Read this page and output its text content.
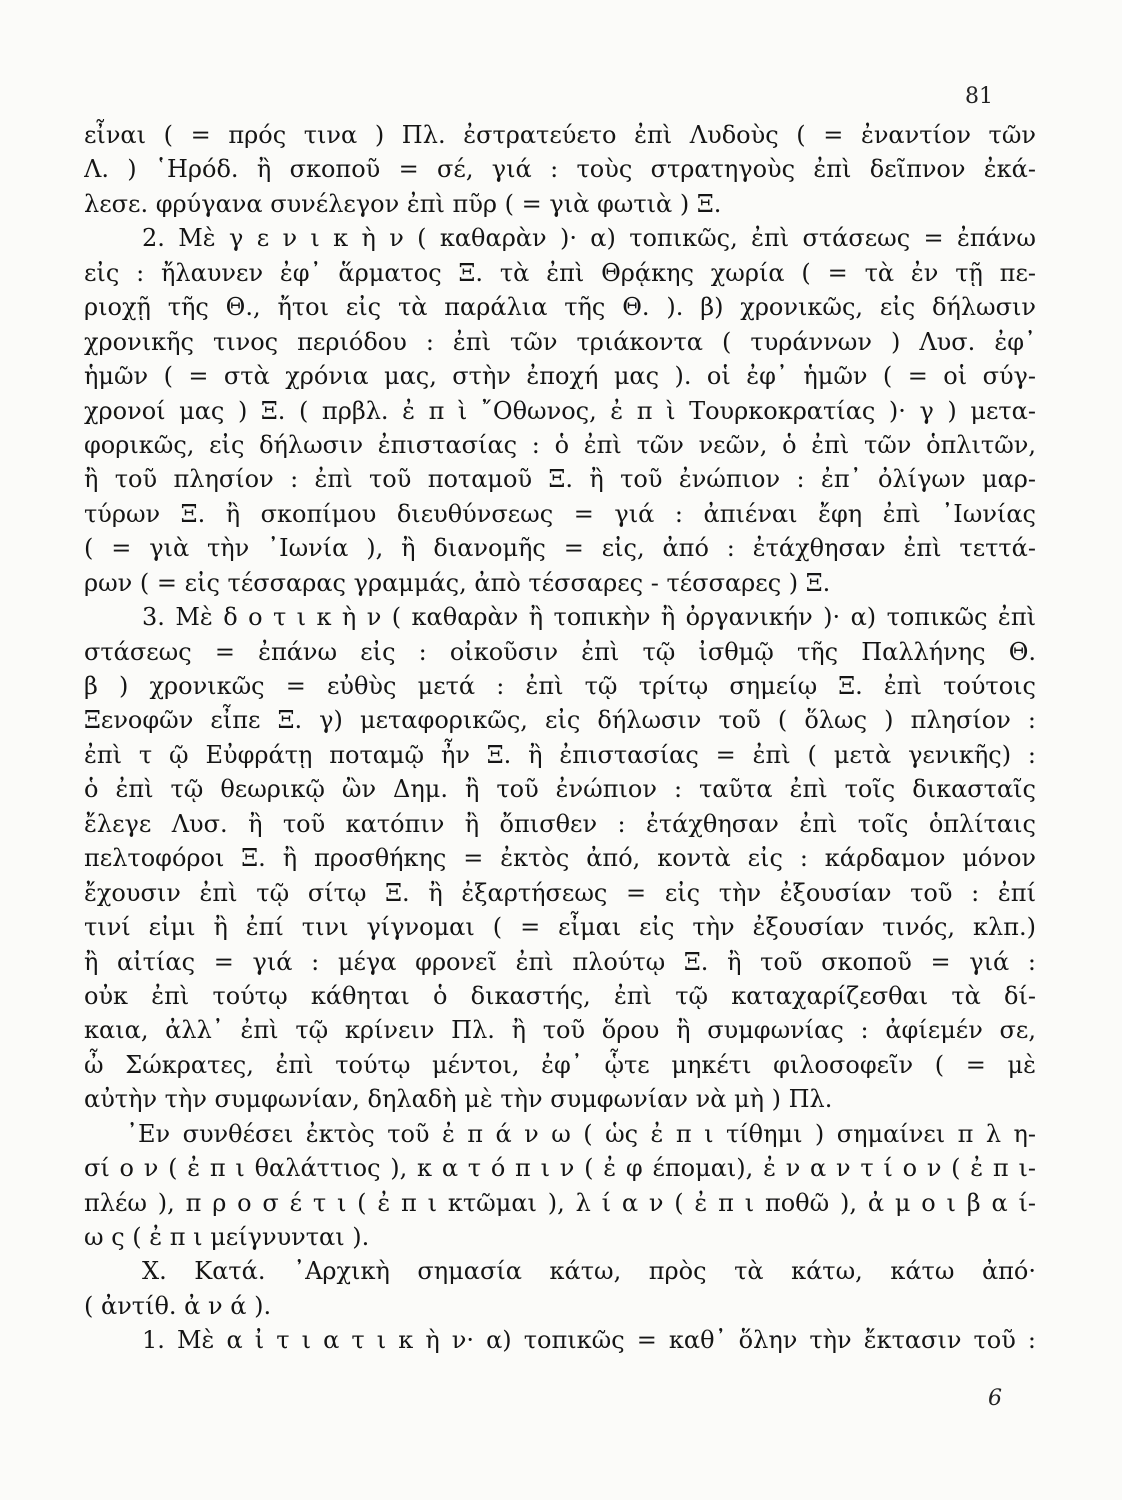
81
εἶναι ( = πρός τινα ) Πλ. ἐστρατεύετο ἐπὶ Λυδοὺς ( = ἐναντίον τῶν
Λ. ) ῾Ηρόδ. ἢ σκοποῦ = σέ, γιά : τοὺς στρατηγοὺς ἐπὶ δεῖπνον ἐκά-
λεσε. φρύγανα συνέλεγον ἐπὶ πῦρ ( = γιὰ φωτιὰ ) Ξ.
2. Μὲ γ ε ν ι κ ὴ ν ( καθαρὰν )· α) τοπικῶς, ἐπὶ στάσεως = ἐπάνω
εἰς : ἤλαυνεν ἐφ᾽ ἅρματος Ξ. τὰ ἐπὶ Θρᾴκης χωρία ( = τὰ ἐν τῇ πε-
ριοχῇ τῆς Θ., ἤτοι εἰς τὰ παράλια τῆς Θ. ). β) χρονικῶς, εἰς δήλωσιν
χρονικῆς τινος περιόδου : ἐπὶ τῶν τριάκοντα ( τυράννων ) Λυσ. ἐφ᾽
ἡμῶν ( = στὰ χρόνια μας, στὴν ἐποχή μας ). οἱ ἐφ᾽ ἡμῶν ( = οἱ σύγ-
χρονοί μας ) Ξ. ( πρβλ. ἐ π ὶ ῎Οθωνος, ἐ π ὶ Τουρκοκρατίας )· γ ) μετα-
φορικῶς, εἰς δήλωσιν ἐπιστασίας : ὁ ἐπὶ τῶν νεῶν, ὁ ἐπὶ τῶν ὁπλιτῶν,
ἢ τοῦ πλησίον : ἐπὶ τοῦ ποταμοῦ Ξ. ἢ τοῦ ἐνώπιον : ἐπ᾽ ὀλίγων μαρ-
τύρων Ξ. ἢ σκοπίμου διευθύνσεως = γιά : ἀπιέναι ἔφη ἐπὶ ᾽Ιωνίας
( = γιὰ τὴν ᾽Ιωνία ), ἢ διανομῆς = εἰς, ἀπό : ἐτάχθησαν ἐπὶ τεττά-
ρων ( = εἰς τέσσαρας γραμμάς, ἀπὸ τέσσαρες - τέσσαρες ) Ξ.
3. Μὲ δ ο τ ι κ ὴ ν ( καθαρὰν ἢ τοπικὴν ἢ ὀργανικήν )· α) τοπικῶς ἐπὶ
στάσεως = ἐπάνω εἰς : οἰκοῦσιν ἐπὶ τῷ ἰσθμῷ τῆς Παλλήνης Θ.
β ) χρονικῶς = εὐθὺς μετά : ἐπὶ τῷ τρίτῳ σημείῳ Ξ. ἐπὶ τούτοις
Ξενοφῶν εἶπε Ξ. γ) μεταφορικῶς, εἰς δήλωσιν τοῦ ( ὅλως ) πλησίον :
ἐπὶ τ ῷ Εὐφράτῃ ποταμῷ ἦν Ξ. ἢ ἐπιστασίας = ἐπὶ ( μετὰ γενικῆς) :
ὁ ἐπὶ τῷ θεωρικῷ ὢν Δημ. ἢ τοῦ ἐνώπιον : ταῦτα ἐπὶ τοῖς δικασταῖς
ἔλεγε Λυσ. ἢ τοῦ κατόπιν ἢ ὄπισθεν : ἐτάχθησαν ἐπὶ τοῖς ὁπλίταις
πελτοφόροι Ξ. ἢ προσθήκης = ἐκτὸς ἀπό, κοντὰ εἰς : κάρδαμον μόνον
ἔχουσιν ἐπὶ τῷ σίτῳ Ξ. ἢ ἐξαρτήσεως = εἰς τὴν ἐξουσίαν τοῦ : ἐπί
τινί εἰμι ἢ ἐπί τινι γίγνομαι ( = εἶμαι εἰς τὴν ἐξουσίαν τινός, κλπ.)
ἢ αἰτίας = γιά : μέγα φρονεῖ ἐπὶ πλούτῳ Ξ. ἢ τοῦ σκοποῦ = γιά :
οὐκ ἐπὶ τούτῳ κάθηται ὁ δικαστής, ἐπὶ τῷ καταχαρίζεσθαι τὰ δί-
καια, ἀλλ᾽ ἐπὶ τῷ κρίνειν Πλ. ἢ τοῦ ὅρου ἢ συμφωνίας : ἀφίεμέν σε,
ὦ Σώκρατες, ἐπὶ τούτῳ μέντοι, ἐφ᾽ ᾧτε μηκέτι φιλοσοφεῖν ( = μὲ
αὐτὴν τὴν συμφωνίαν, δηλαδὴ μὲ τὴν συμφωνίαν νὰ μὴ ) Πλ.
᾽Εν συνθέσει ἐκτὸς τοῦ ἐ π ά ν ω ( ὡς ἐ π ι τίθημι ) σημαίνει π λ η-
σί ο ν ( ἐ π ι θαλάττιος ), κ α τ ό π ι ν ( ἐ φ έπομαι), ἐ ν α ν τ ί ο ν ( ἐ π ι-
πλέω ), π ρ ο σ έ τ ι ( ἐ π ι κτῶμαι ), λ ί α ν ( ἐ π ι ποθῶ ), ἀ μ ο ι β α ί-
ω ς ( ἐ π ι μείγνυνται ).
Χ. Κατά. ᾽Αρχικὴ σημασία κάτω, πρὸς τὰ κάτω, κάτω ἀπό·
( ἀντίθ. ἀ ν ά ).
1. Μὲ α ἰ τ ι α τ ι κ ὴ ν· α) τοπικῶς = καθ᾽ ὅλην τὴν ἔκτασιν τοῦ :
6
